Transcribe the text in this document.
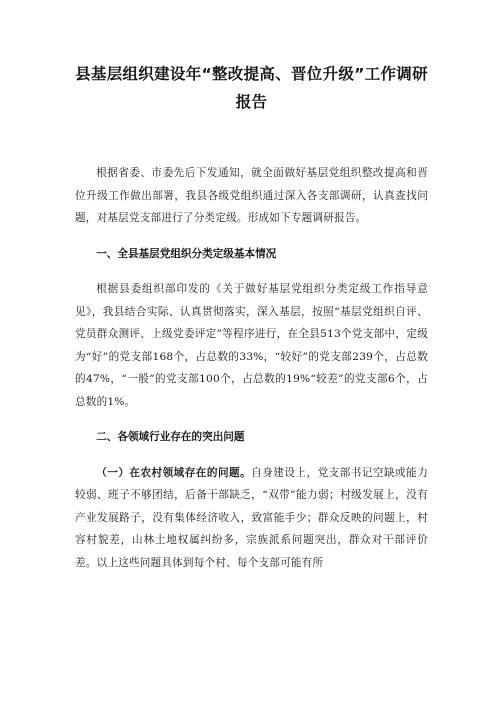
县基层组织建设年“整改提高、晋位升级”工作调研
报告

根据省委、市委先后下发通知，就全面做好基层党组织整改提高和晋位升级工作做出部署，我县各级党组织通过深入各支部调研，认真查找问题，对基层党支部进行了分类定级。形成如下专题调研报告。

一、全县基层党组织分类定级基本情况

根据县委组织部印发的《关于做好基层党组织分类定级工作指导意见》，我县结合实际、认真贯彻落实，深入基层，按照“基层党组织自评、党员群众测评、上级党委评定”等程序进行，在全县513个党支部中，定级为“好”的党支部168个，占总数的33%，“较好”的党支部239个，占总数的47%，“一般”的党支部100个，占总数的19%“较差”的党支部6个，占总数的1%。

二、各领域行业存在的突出问题

（一）在农村领域存在的问题。自身建设上，党支部书记空缺或能力较弱、班子不够团结，后备干部缺乏，“双带”能力弱；村级发展上，没有产业发展路子，没有集体经济收入，致富能手少；群众反映的问题上，村容村貌差，山林土地权属纠纷多，宗族派系问题突出，群众对干部评价差。以上这些问题具体到每个村、每个支部可能有所
